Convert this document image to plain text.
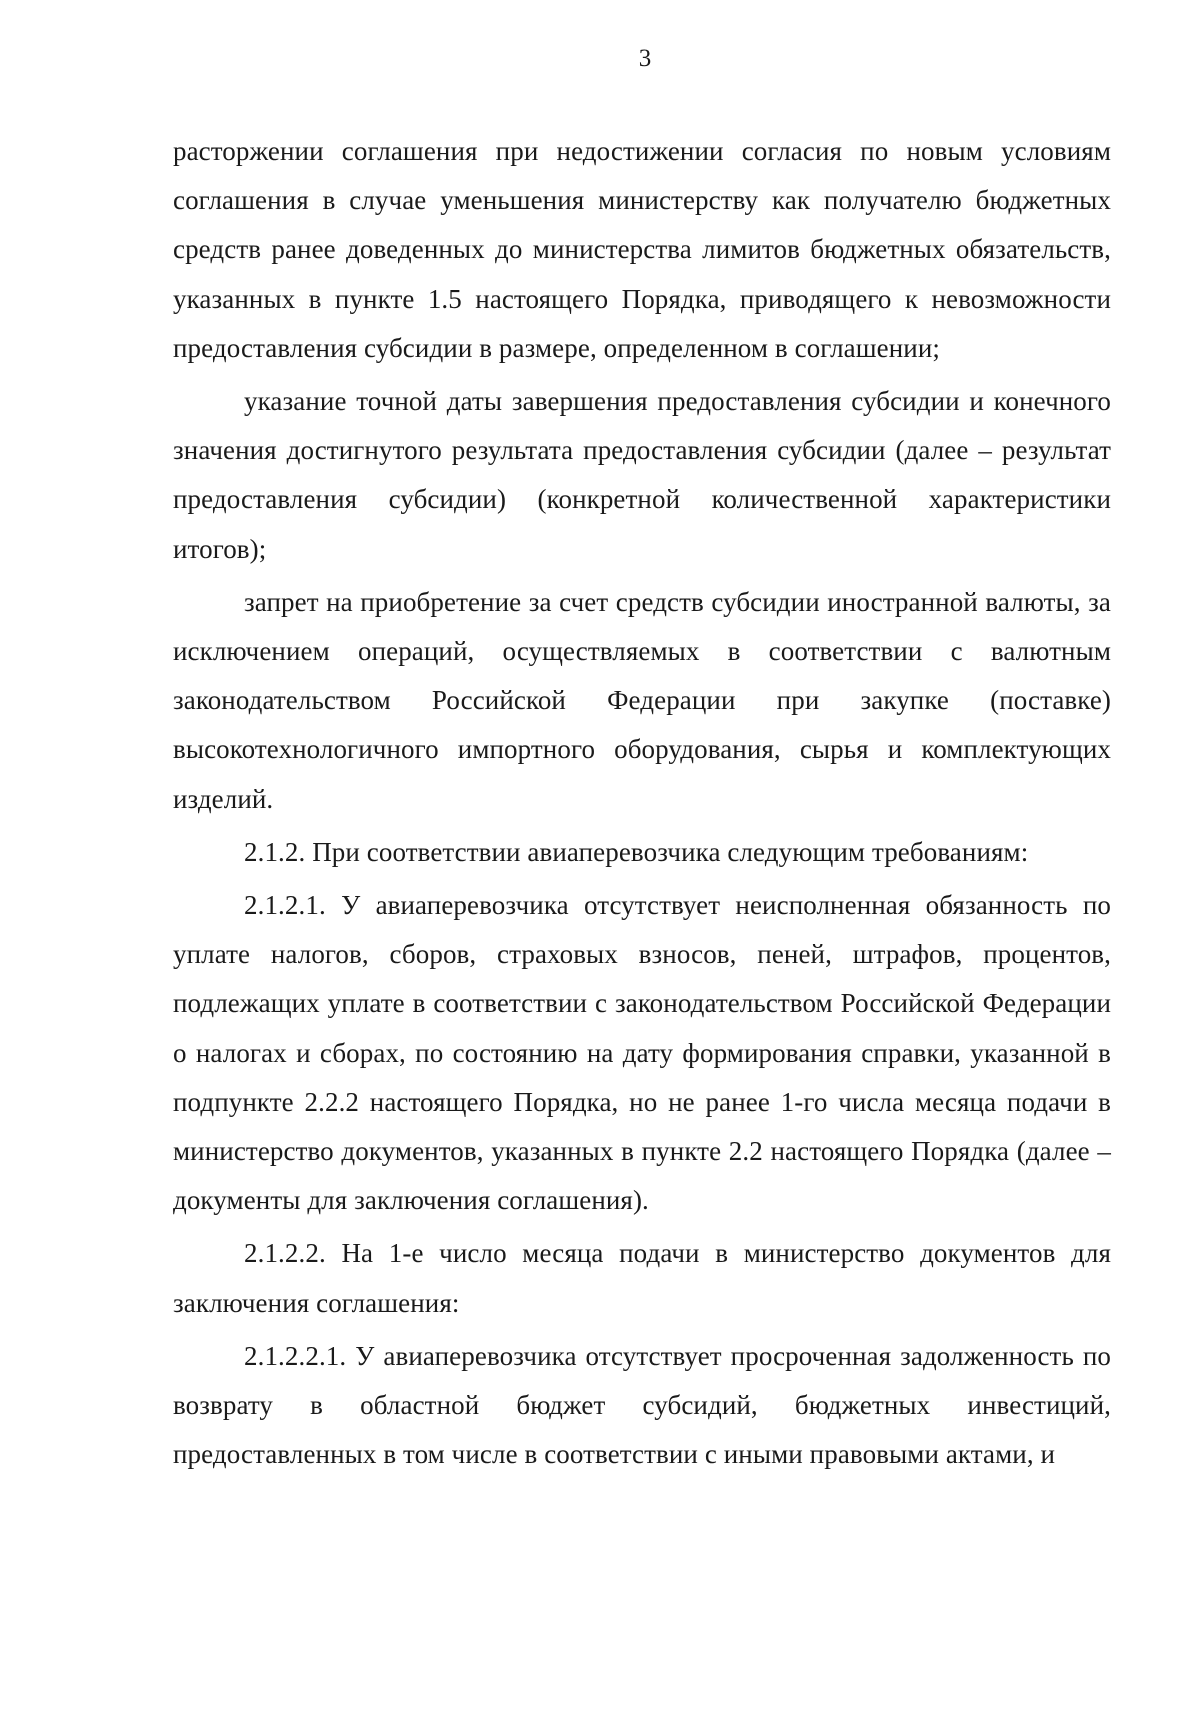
3

расторжении соглашения при недостижении согласия по новым условиям соглашения в случае уменьшения министерству как получателю бюджетных средств ранее доведенных до министерства лимитов бюджетных обязательств, указанных в пункте 1.5 настоящего Порядка, приводящего к невозможности предоставления субсидии в размере, определенном в соглашении;

указание точной даты завершения предоставления субсидии и конечного значения достигнутого результата предоставления субсидии (далее – результат предоставления субсидии) (конкретной количественной характеристики итогов);

запрет на приобретение за счет средств субсидии иностранной валюты, за исключением операций, осуществляемых в соответствии с валютным законодательством Российской Федерации при закупке (поставке) высокотехнологичного импортного оборудования, сырья и комплектующих изделий.

2.1.2. При соответствии авиаперевозчика следующим требованиям:

2.1.2.1. У авиаперевозчика отсутствует неисполненная обязанность по уплате налогов, сборов, страховых взносов, пеней, штрафов, процентов, подлежащих уплате в соответствии с законодательством Российской Федерации о налогах и сборах, по состоянию на дату формирования справки, указанной в подпункте 2.2.2 настоящего Порядка, но не ранее 1-го числа месяца подачи в министерство документов, указанных в пункте 2.2 настоящего Порядка (далее – документы для заключения соглашения).

2.1.2.2. На 1-е число месяца подачи в министерство документов для заключения соглашения:

2.1.2.2.1. У авиаперевозчика отсутствует просроченная задолженность по возврату в областной бюджет субсидий, бюджетных инвестиций, предоставленных в том числе в соответствии с иными правовыми актами, и
